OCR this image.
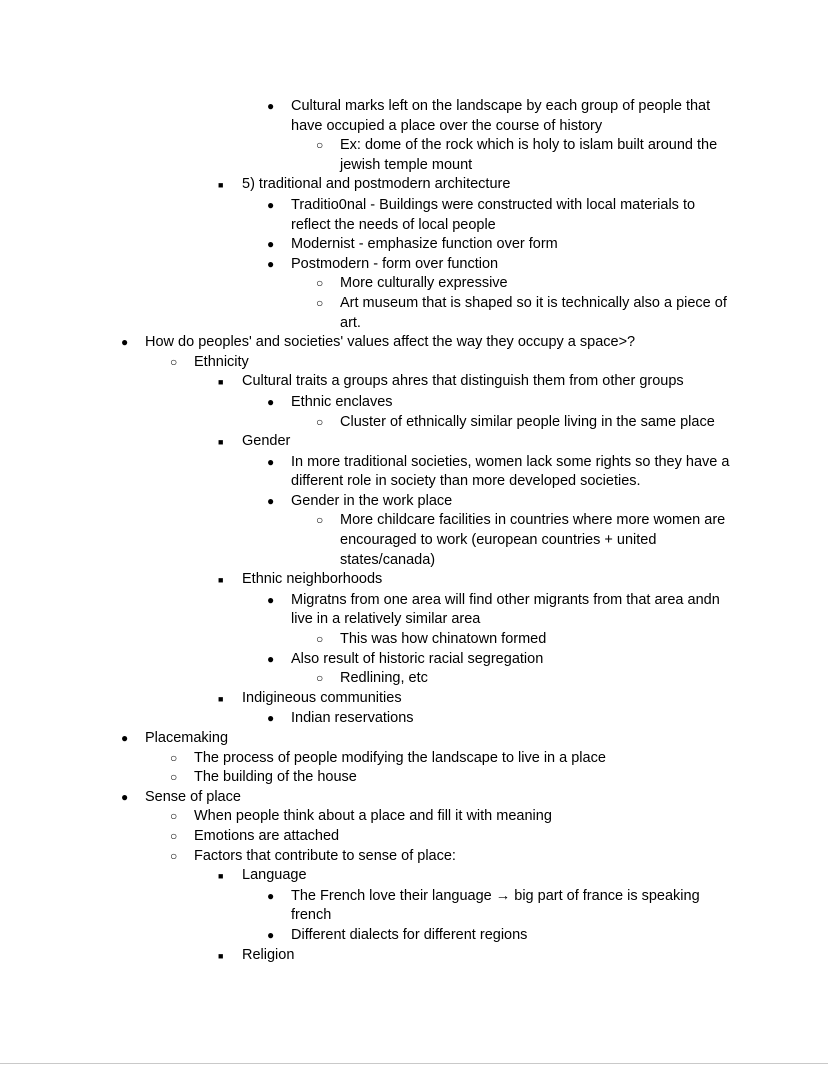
●	Cultural marks left on the landscape by each group of people that have occupied a place over the course of history
○	Ex: dome of the rock which is holy to islam built around the jewish temple mount
■	5) traditional and postmodern architecture
●	Traditio0nal - Buildings were constructed with local materials to reflect the needs of local people
●	Modernist - emphasize function over form
●	Postmodern - form over function
○	More culturally expressive
○	Art museum that is shaped so it is technically also a piece of art.
●	How do peoples' and societies' values affect the way they occupy a space>?
○	Ethnicity
■	Cultural traits a groups ahres that distinguish them from other groups
●	Ethnic enclaves
○	Cluster of ethnically similar people living in the same place
■	Gender
●	In more traditional societies, women lack some rights so they have a different role in society than more developed societies.
●	Gender in the work place
○	More childcare facilities in countries where more women are encouraged to work (european countries + united states/canada)
■	Ethnic neighborhoods
●	Migratns from one area will find other migrants from that area andn live in a relatively similar area
○	This was how chinatown formed
●	Also result of historic racial segregation
○	Redlining, etc
■	Indigineous communities
●	Indian reservations
●	Placemaking
○	The process of people modifying the landscape to live in a place
○	The building of the house
●	Sense of place
○	When people think about a place and fill it with meaning
○	Emotions are attached
○	Factors that contribute to sense of place:
■	Language
●	The French love their language → big part of france is speaking french
●	Different dialects for different regions
■	Religion
